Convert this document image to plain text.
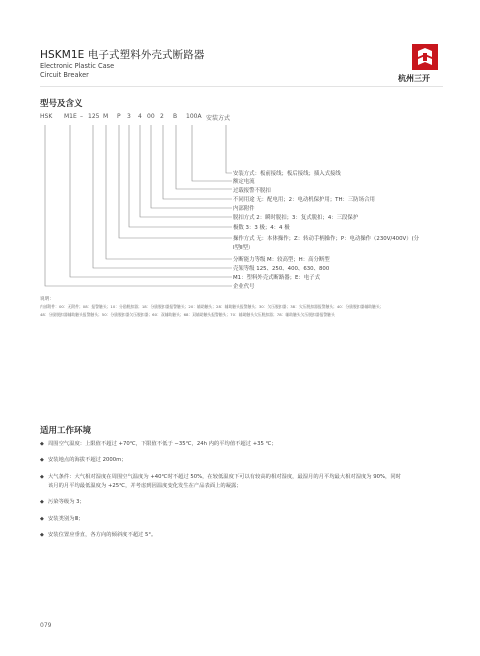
HSKM1E 电子式塑料外壳式断路器
Electronic Plastic Case
Circuit Breaker	杭州三开
型号及含义
HSK M1E – 125 M P 3 4 00 2 B 100A 安装方式
安装方式：板前接线；板后接线；插入式接线
额定电流
过载报警不脱扣
不同用途 无：配电用；2：电动机保护用；TH：三防场合用
内部附件
脱扣方式 2：瞬时脱扣；3：复式脱扣；4：三段保护
极数 3：3 极；4：4 极
操作方式 无：本体操作；Z：转动手柄操作；P：电动操作（230V/400V）(分
Ⅰ型Ⅱ型）
分断能力等级 M：较高型；H：高分断型
壳架等级 125、250、400、630、800
M1：塑料外壳式断路器；E：电子式
企业代号
说明：
内部附件：00：无附件；08：报警触头；10：分励脱扣器；18：分励脱扣器报警触头；20：辅助触头；28：辅助触头报警触头；30：欠压脱扣器；38：欠压脱扣器报警触头；40：分励脱扣器辅助触头；
48：分励脱扣器辅助触头报警触头；50：分励脱扣器欠压脱扣器；60：双辅助触头；68：双辅助触头报警触头；70：辅助触头欠压脱扣器；78：辅助触头欠压脱扣器报警触头
适用工作环境
◆ 周围空气温度：上限值不超过 +70℃，下限值不低于 −35℃，24h 内的平均值不超过 +35 ℃；
◆ 安装地点的海拔不超过 2000m；
◆ 大气条件：大气相对湿度在周围空气温度为 +40℃时不超过 50%，在较低温度下可以有较高的相对湿度，最湿月的月平均最大相对湿度为 90%，同时
该月的月平均最低温度为 +25℃，并考虑到因温度变化发生在产品表面上的凝露；
◆ 污染等级为 3；
◆ 安装类别为Ⅲ；
◆ 安装位置应垂直，各方向的倾斜度不超过 5°。
079
